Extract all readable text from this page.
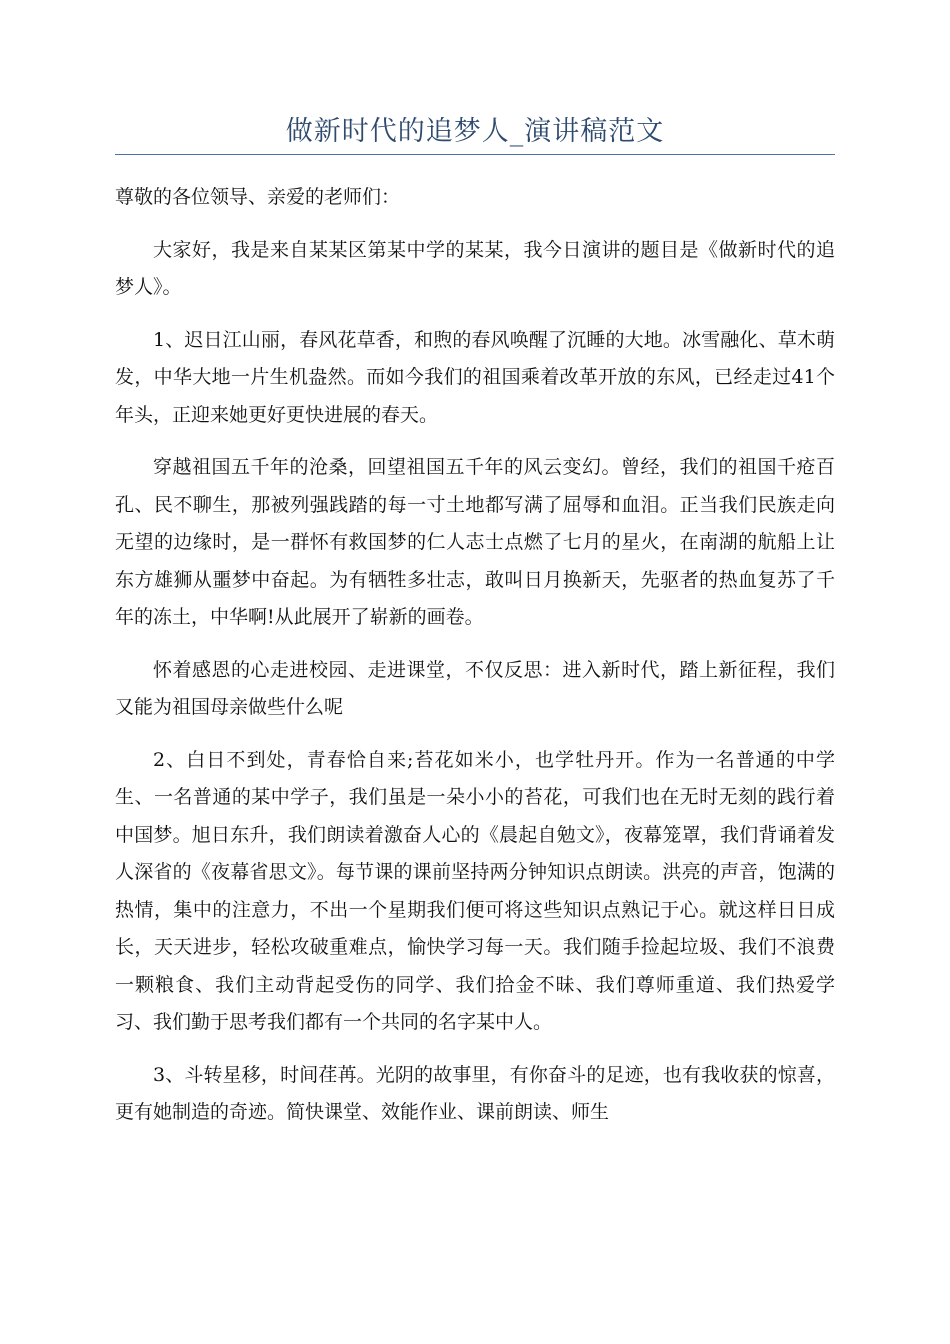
做新时代的追梦人_演讲稿范文

尊敬的各位领导、亲爱的老师们：

大家好，我是来自某某区第某中学的某某，我今日演讲的题目是《做新时代的追梦人》。

1、迟日江山丽，春风花草香，和煦的春风唤醒了沉睡的大地。冰雪融化、草木萌发，中华大地一片生机盎然。而如今我们的祖国乘着改革开放的东风，已经走过41个年头，正迎来她更好更快进展的春天。

穿越祖国五千年的沧桑，回望祖国五千年的风云变幻。曾经，我们的祖国千疮百孔、民不聊生，那被列强践踏的每一寸土地都写满了屈辱和血泪。正当我们民族走向无望的边缘时，是一群怀有救国梦的仁人志士点燃了七月的星火，在南湖的航船上让东方雄狮从噩梦中奋起。为有牺牲多壮志，敢叫日月换新天，先驱者的热血复苏了千年的冻土，中华啊!从此展开了崭新的画卷。

怀着感恩的心走进校园、走进课堂，不仅反思：进入新时代，踏上新征程，我们又能为祖国母亲做些什么呢

2、白日不到处，青春恰自来;苔花如米小，也学牡丹开。作为一名普通的中学生、一名普通的某中学子，我们虽是一朵小小的苔花，可我们也在无时无刻的践行着中国梦。旭日东升，我们朗读着激奋人心的《晨起自勉文》，夜幕笼罩，我们背诵着发人深省的《夜幕省思文》。每节课的课前坚持两分钟知识点朗读。洪亮的声音，饱满的热情，集中的注意力，不出一个星期我们便可将这些知识点熟记于心。就这样日日成长，天天进步，轻松攻破重难点，愉快学习每一天。我们随手捡起垃圾、我们不浪费一颗粮食、我们主动背起受伤的同学、我们拾金不昧、我们尊师重道、我们热爱学习、我们勤于思考我们都有一个共同的名字某中人。

3、斗转星移，时间荏苒。光阴的故事里，有你奋斗的足迹，也有我收获的惊喜，更有她制造的奇迹。简快课堂、效能作业、课前朗读、师生
